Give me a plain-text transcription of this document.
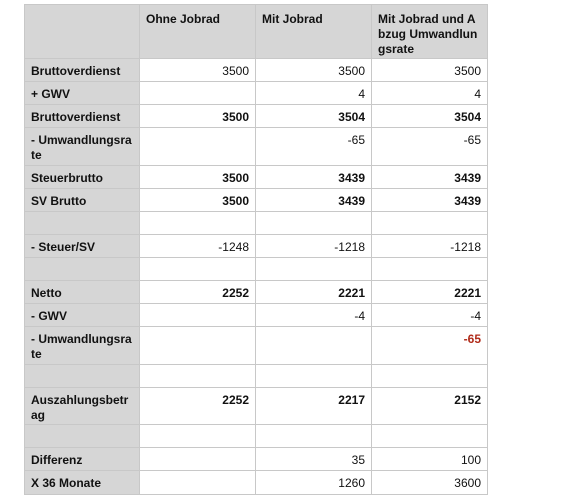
	Ohne Jobrad	Mit Jobrad	Mit Jobrad und Abzug Umwandlungsrate
Bruttoverdienst	3500	3500	3500
+ GWV		4	4
Bruttoverdienst	3500	3504	3504
- Umwandlungsrate		-65	-65
Steuerbrutto	3500	3439	3439
SV Brutto	3500	3439	3439

- Steuer/SV	-1248	-1218	-1218

Netto	2252	2221	2221
- GWV		-4	-4
- Umwandlungsrate			-65

Auszahlungsbetrag	2252	2217	2152

Differenz		35	100
X 36 Monate		1260	3600
